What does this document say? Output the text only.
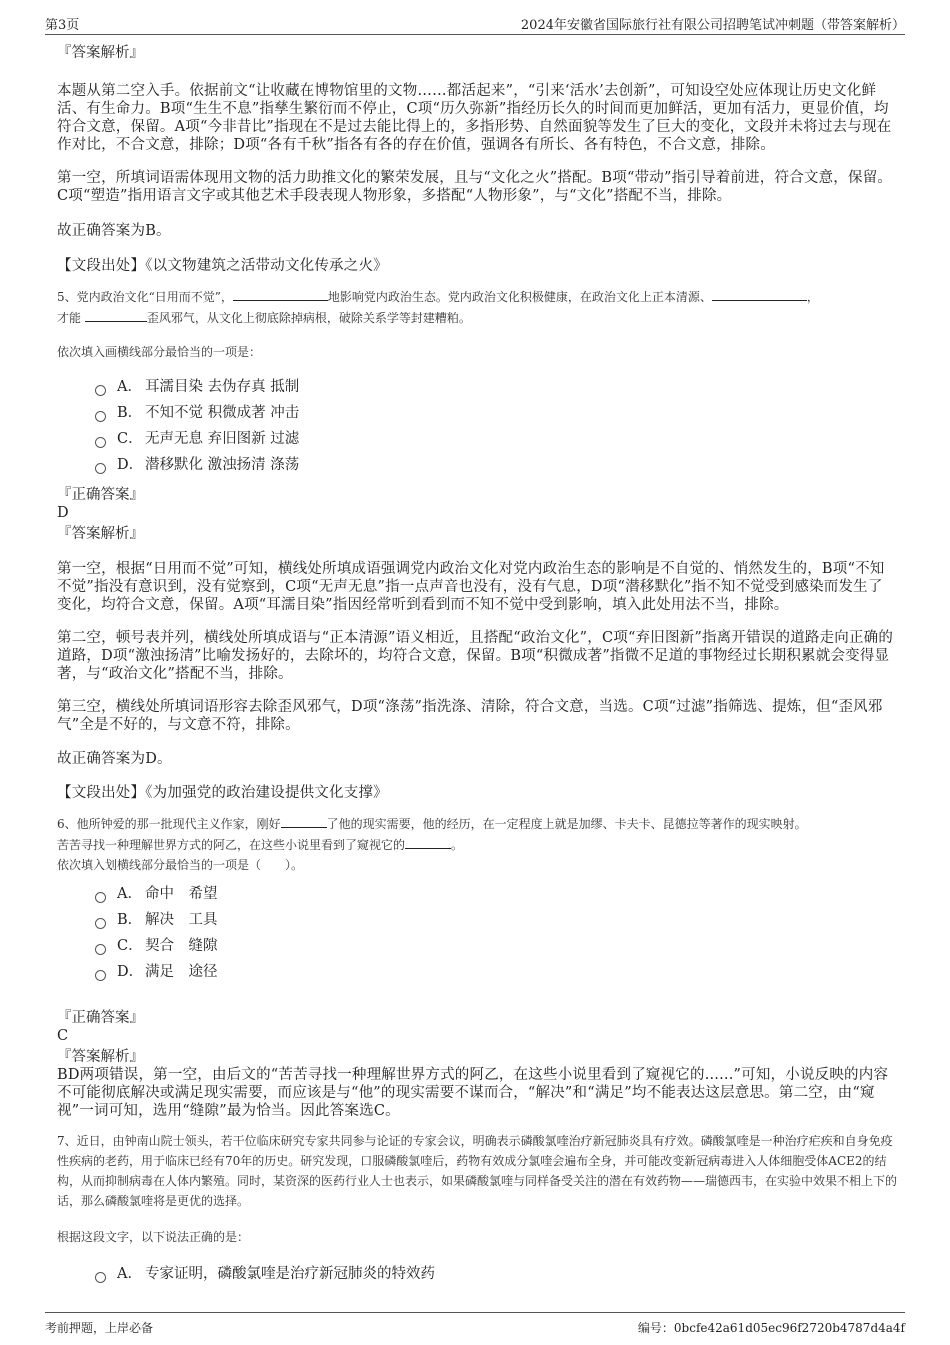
第3页	2024年安徽省国际旅行社有限公司招聘笔试冲刺题（带答案解析）

『答案解析』

本题从第二空入手。依据前文“让收藏在博物馆里的文物……都活起来”，“引来‘活水’去创新”，可知设空处应体现让历史文化鲜活、有生命力。B项“生生不息”指孳生繁衍而不停止，C项“历久弥新”指经历长久的时间而更加鲜活，更加有活力，更显价值，均符合文意，保留。A项“今非昔比”指现在不是过去能比得上的，多指形势、自然面貌等发生了巨大的变化，文段并未将过去与现在作对比，不合文意，排除；D项“各有千秋”指各有各的存在价值，强调各有所长、各有特色，不合文意，排除。

第一空，所填词语需体现用文物的活力助推文化的繁荣发展，且与“文化之火”搭配。B项“带动”指引导着前进，符合文意，保留。C项“塑造”指用语言文字或其他艺术手段表现人物形象，多搭配“人物形象”，与“文化”搭配不当，排除。

故正确答案为B。

【文段出处】《以文物建筑之活带动文化传承之火》

5、党内政治文化“日用而不觉”，	地影响党内政治生态。党内政治文化积极健康，在政治文化上正本清源、	，
才能	歪风邪气，从文化上彻底除掉病根，破除关系学等封建糟粕。

依次填入画横线部分最恰当的一项是：

A． 耳濡目染 去伪存真 抵制
B． 不知不觉 积微成著 冲击
C． 无声无息 弃旧图新 过滤
D． 潜移默化 激浊扬清 涤荡

『正确答案』

D

『答案解析』

第一空，根据“日用而不觉”可知，横线处所填成语强调党内政治文化对党内政治生态的影响是不自觉的、悄然发生的，B项“不知不觉”指没有意识到，没有觉察到，C项“无声无息”指一点声音也没有，没有气息，D项“潜移默化”指不知不觉受到感染而发生了变化，均符合文意，保留。A项“耳濡目染”指因经常听到看到而不知不觉中受到影响，填入此处用法不当，排除。

第二空，顿号表并列，横线处所填成语与“正本清源”语义相近，且搭配“政治文化”，C项“弃旧图新”指离开错误的道路走向正确的道路，D项“激浊扬清”比喻发扬好的，去除坏的，均符合文意，保留。B项“积微成著”指微不足道的事物经过长期积累就会变得显著，与“政治文化”搭配不当，排除。

第三空，横线处所填词语形容去除歪风邪气，D项“涤荡”指洗涤、清除，符合文意，当选。C项“过滤”指筛选、提炼，但“歪风邪气”全是不好的，与文意不符，排除。

故正确答案为D。

【文段出处】《为加强党的政治建设提供文化支撑》

6、他所钟爱的那一批现代主义作家，刚好	了他的现实需要，他的经历，在一定程度上就是加缪、卡夫卡、昆德拉等著作的现实映射。
苦苦寻找一种理解世界方式的阿乙，在这些小说里看到了窥视它的	。

依次填入划横线部分最恰当的一项是（　　）。

A． 命中　希望
B． 解决　工具
C． 契合　缝隙
D． 满足　途径

『正确答案』

C

『答案解析』

BD两项错误，第一空，由后文的“苦苦寻找一种理解世界方式的阿乙，在这些小说里看到了窥视它的......”可知，小说反映的内容不可能彻底解决或满足现实需要，而应该是与“他”的现实需要不谋而合，“解决”和“满足”均不能表达这层意思。第二空，由“窥视”一词可知，选用“缝隙”最为恰当。因此答案选C。

7、近日，由钟南山院士领头，若干位临床研究专家共同参与论证的专家会议，明确表示磷酸氯喹治疗新冠肺炎具有疗效。磷酸氯喹是一种治疗疟疾和自身免疫性疾病的老药，用于临床已经有70年的历史。研究发现，口服磷酸氯喹后，药物有效成分氯喹会遍布全身，并可能改变新冠病毒进入人体细胞受体ACE2的结构，从而抑制病毒在人体内繁殖。同时，某资深的医药行业人士也表示，如果磷酸氯喹与同样备受关注的潜在有效药物——瑞德西韦，在实验中效果不相上下的话，那么磷酸氯喹将是更优的选择。

根据这段文字，以下说法正确的是：

A． 专家证明，磷酸氯喹是治疗新冠肺炎的特效药
考前押题，上岸必备	编号：0bcfe42a61d05ec96f2720b4787d4a4f
